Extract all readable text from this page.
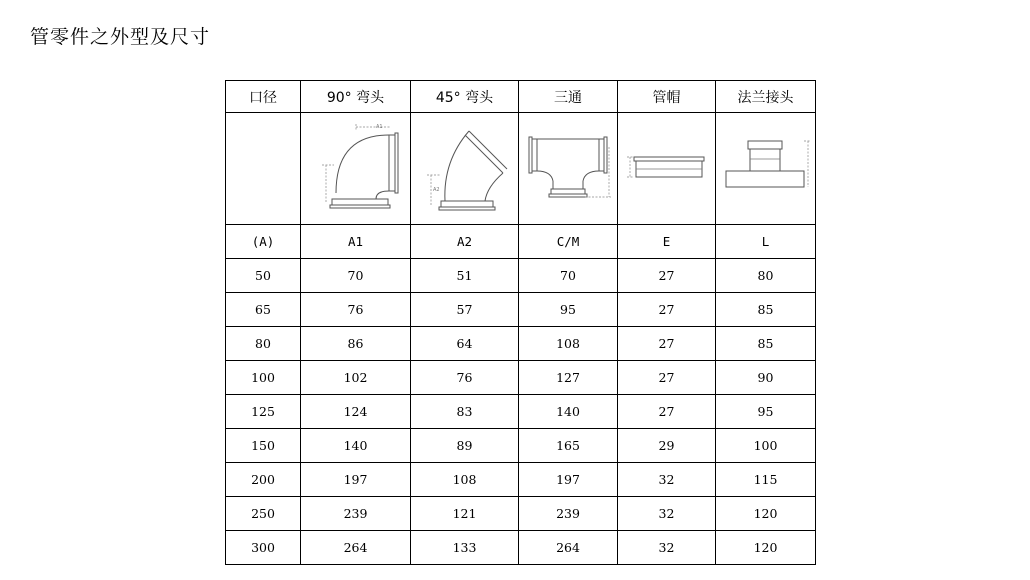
管零件之外型及尺寸
口径	90° 弯头	45° 弯头	三通	管帽	法兰接头

A1	A2

(A)	A1	A2	C/M	E	L
50	70	51	70	27	80
65	76	57	95	27	85
80	86	64	108	27	85
100	102	76	127	27	90
125	124	83	140	27	95
150	140	89	165	29	100
200	197	108	197	32	115
250	239	121	239	32	120
300	264	133	264	32	120
